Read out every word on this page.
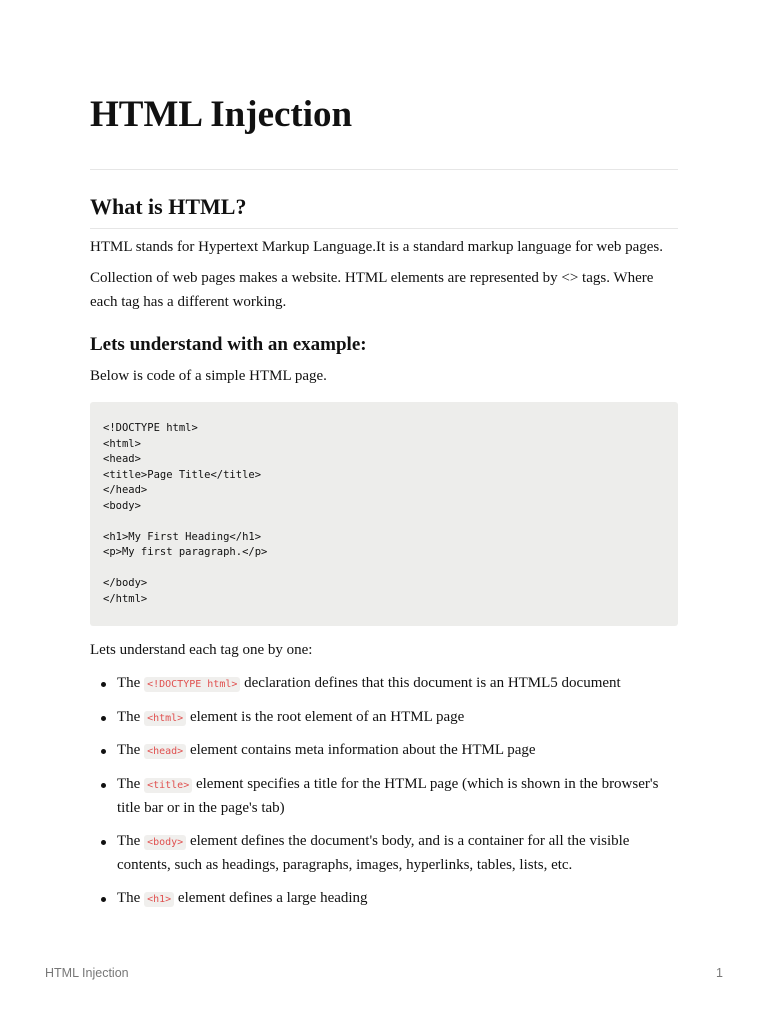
HTML Injection
What is HTML?

HTML stands for Hypertext Markup Language.It is a standard markup language for web pages.

Collection of web pages makes a website. HTML elements are represented by <> tags. Where each tag has a different working.

Lets understand with an example:

Below is code of a simple HTML page.

<!DOCTYPE html>
<html>
<head>
<title>Page Title</title>
</head>
<body>
<h1>My First Heading</h1>
<p>My first paragraph.</p>
</body>
</html>

Lets understand each tag one by one:

The <!DOCTYPE html> declaration defines that this document is an HTML5 document
The <html> element is the root element of an HTML page
The <head> element contains meta information about the HTML page
The <title> element specifies a title for the HTML page (which is shown in the browser's title bar or in the page's tab)
The <body> element defines the document's body, and is a container for all the visible contents, such as headings, paragraphs, images, hyperlinks, tables, lists, etc.
The <h1> element defines a large heading
HTML Injection	1
